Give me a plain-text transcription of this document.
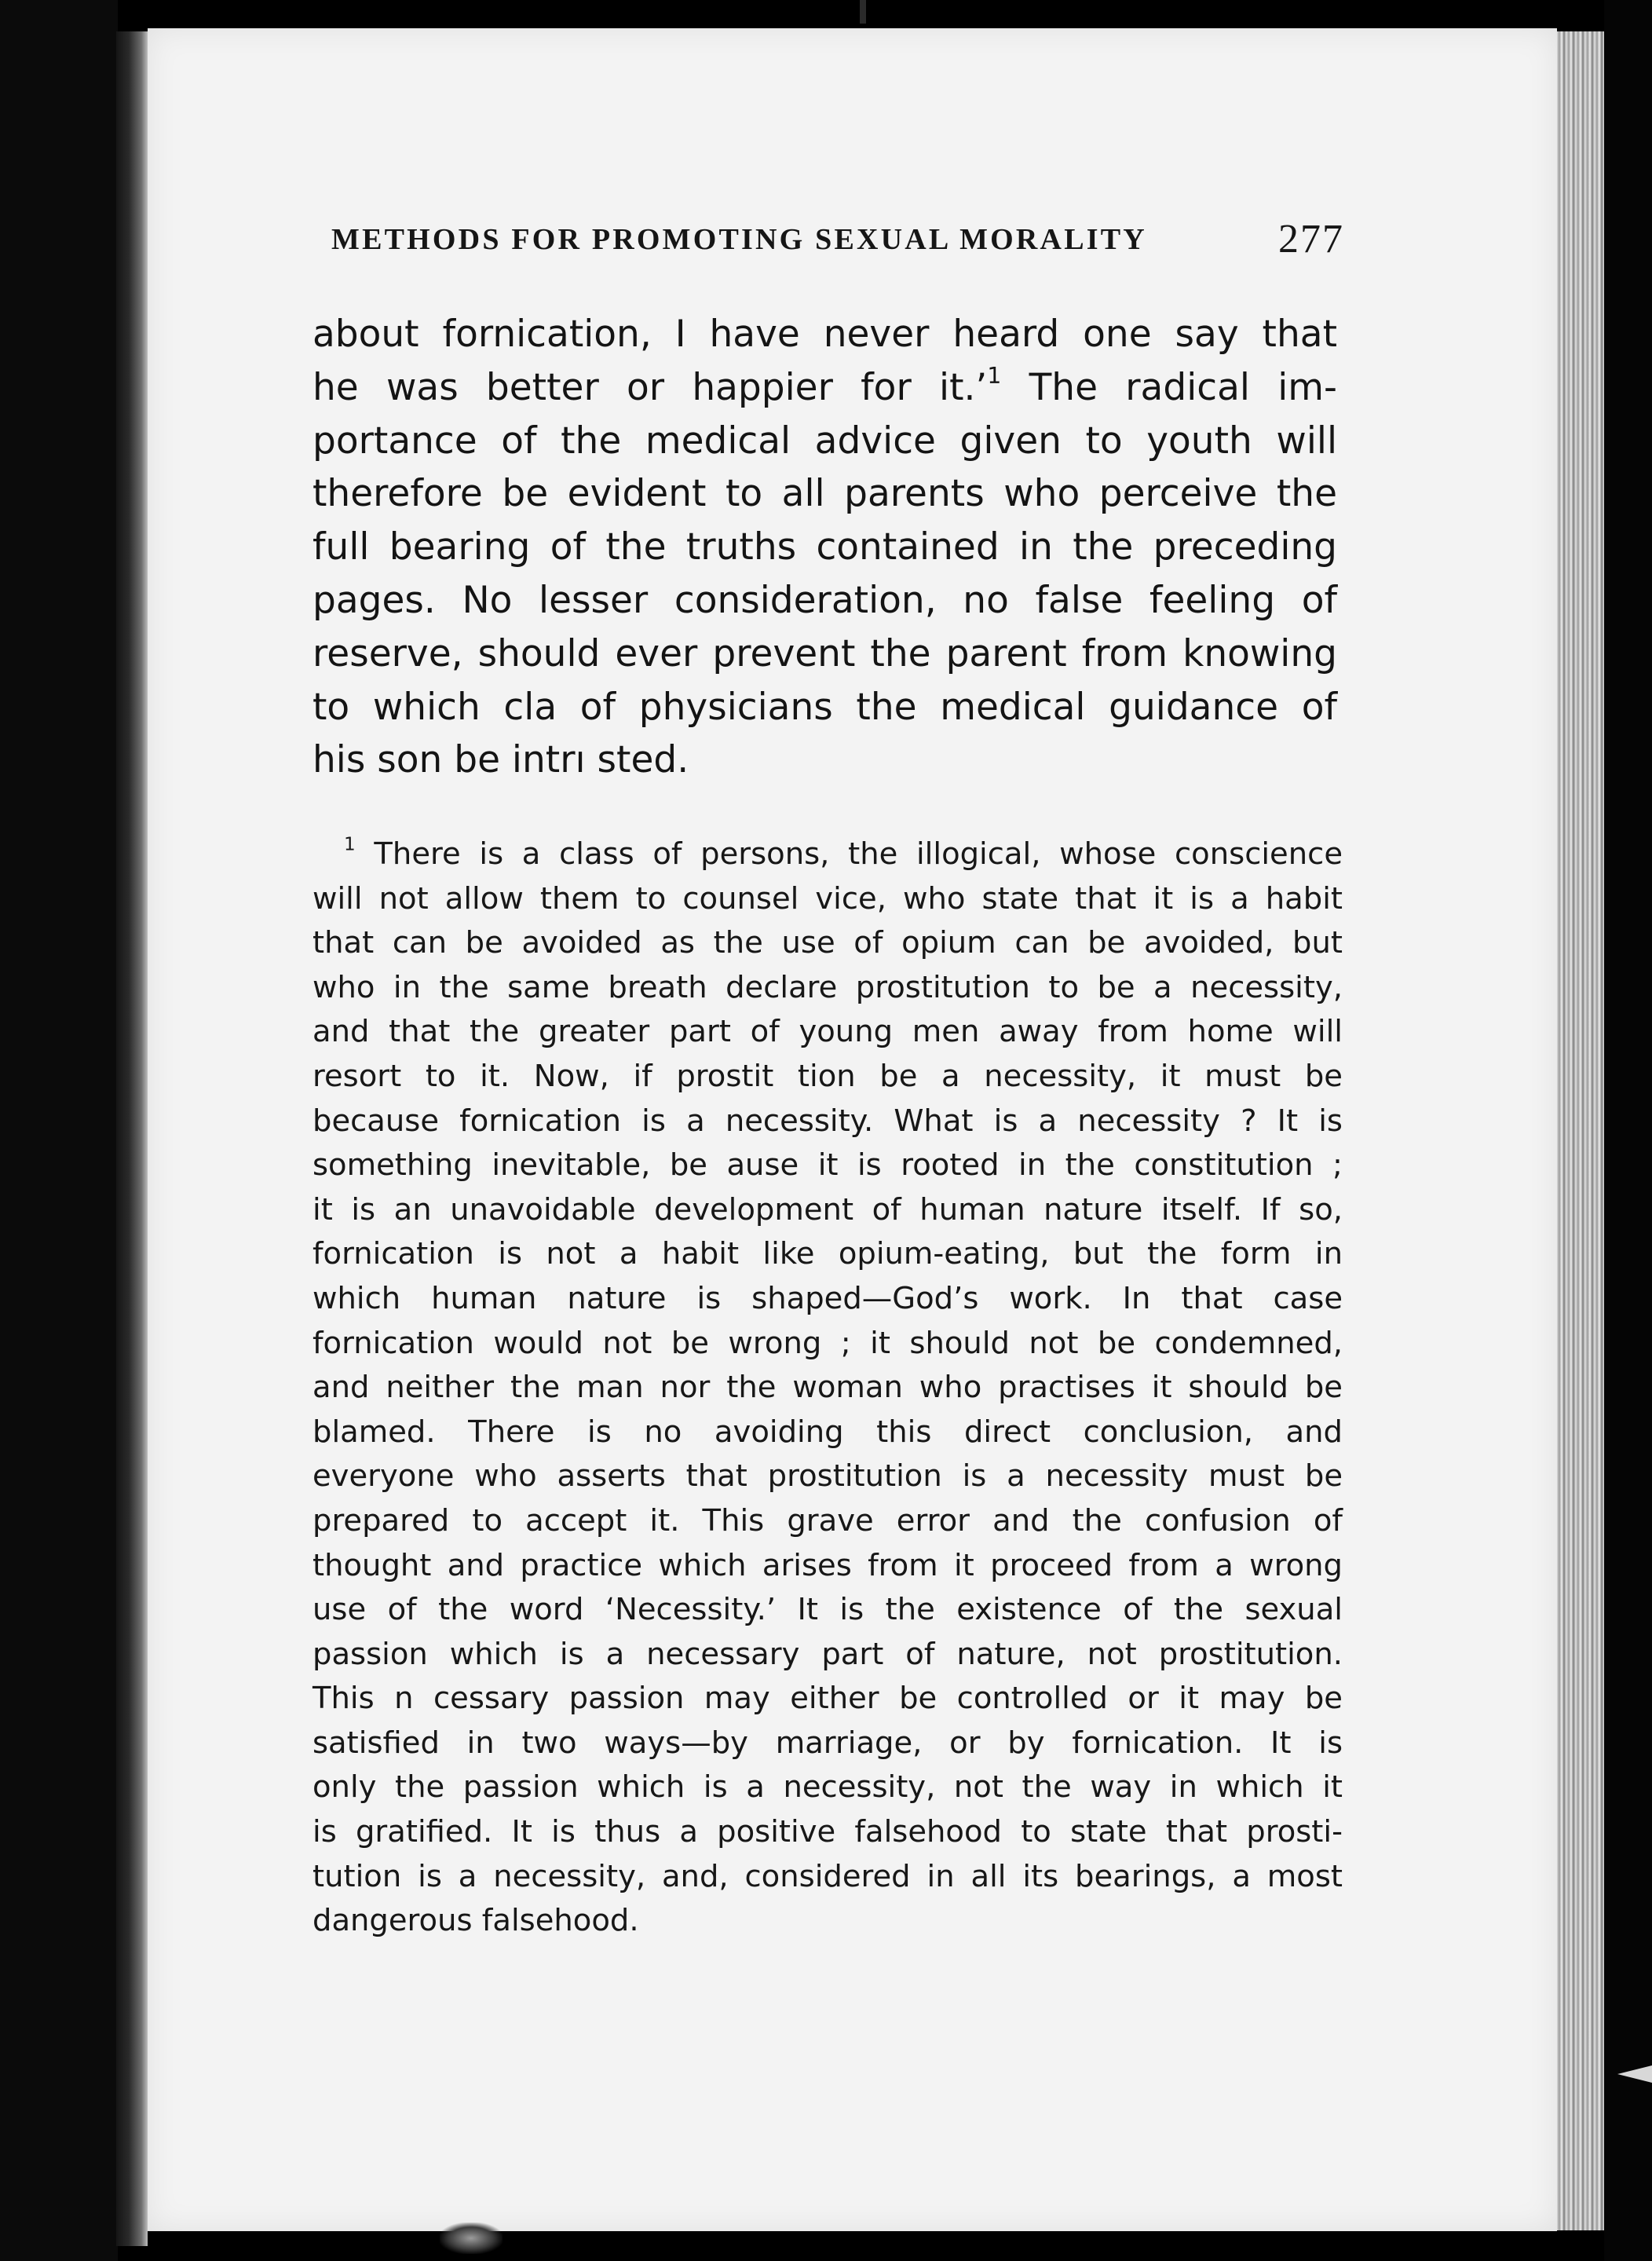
METHODS FOR PROMOTING SEXUAL MORALITY	277
about fornication, I have never heard one say that
he was better or happier for it.’$^1$ The radical im-
portance of the medical advice given to youth will
therefore be evident to all parents who perceive the
full bearing of the truths contained in the preceding
pages. No lesser consideration, no false feeling of
reserve, should ever prevent the parent from knowing
to which cla of physicians the medical guidance of
his son be intrı sted.
$^1$ There is a class of persons, the illogical, whose conscience
will not allow them to counsel vice, who state that it is a habit
that can be avoided as the use of opium can be avoided, but
who in the same breath declare prostitution to be a necessity,
and that the greater part of young men away from home will
resort to it. Now, if prostit tion be a necessity, it must be
because fornication is a necessity. What is a necessity ? It is
something inevitable, be ause it is rooted in the constitution ;
it is an unavoidable development of human nature itself. If so,
fornication is not a habit like opium-eating, but the form in
which human nature is shaped—God’s work. In that case
fornication would not be wrong ; it should not be condemned,
and neither the man nor the woman who practises it should be
blamed. There is no avoiding this direct conclusion, and
everyone who asserts that prostitution is a necessity must be
prepared to accept it. This grave error and the confusion of
thought and practice which arises from it proceed from a wrong
use of the word ‘Necessity.’ It is the existence of the sexual
passion which is a necessary part of nature, not prostitution.
This n cessary passion may either be controlled or it may be
satisfied in two ways—by marriage, or by fornication. It is
only the passion which is a necessity, not the way in which it
is gratified. It is thus a positive falsehood to state that prosti-
tution is a necessity, and, considered in all its bearings, a most
dangerous falsehood.
